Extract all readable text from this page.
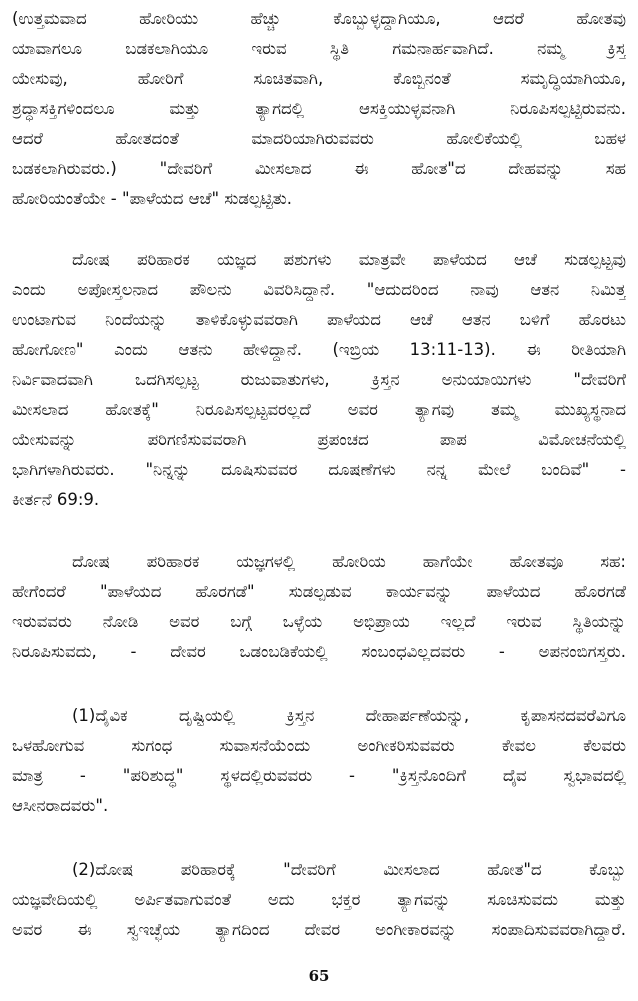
(ಉತ್ತಮವಾದ ಹೋರಿಯು ಹೆಚ್ಚು ಕೊಬ್ಬುಳ್ಳದ್ದಾಗಿಯೂ, ಆದರೆ ಹೋತವು
ಯಾವಾಗಲೂ ಬಡಕಲಾಗಿಯೂ ಇರುವ ಸ್ಥಿತಿ ಗಮನಾರ್ಹವಾಗಿದೆ. ನಮ್ಮ ಕ್ರಿಸ್ತ
ಯೇಸುವು, ಹೋರಿಗೆ ಸೂಚಿತವಾಗಿ, ಕೊಬ್ಬಿನಂತೆ ಸಮೃದ್ಧಿಯಾಗಿಯೂ,
ಶ್ರದ್ಧಾಸಕ್ತಿಗಳಿಂದಲೂ ಮತ್ತು ತ್ಯಾಗದಲ್ಲಿ ಆಸಕ್ತಿಯುಳ್ಳವನಾಗಿ ನಿರೂಪಿಸಲ್ಪಟ್ಟಿರುವನು.
ಆದರೆ ಹೋತದಂತೆ ಮಾದರಿಯಾಗಿರುವವರು ಹೋಲಿಕೆಯಲ್ಲಿ ಬಹಳ
ಬಡಕಲಾಗಿರುವರು.) "ದೇವರಿಗೆ ಮೀಸಲಾದ ಈ ಹೋತ"ದ ದೇಹವನ್ನು ಸಹ
ಹೋರಿಯಂತೆಯೇ - "ಪಾಳೆಯದ ಆಚೆ" ಸುಡಲ್ಪಟ್ಟಿತು.
ದೋಷ ಪರಿಹಾರಕ ಯಜ್ಞದ ಪಶುಗಳು ಮಾತ್ರವೇ ಪಾಳೆಯದ ಆಚೆ ಸುಡಲ್ಪಟ್ಟವು
ಎಂದು ಅಪೋಸ್ತಲನಾದ ಪೌಲನು ವಿವರಿಸಿದ್ದಾನೆ. "ಆದುದರಿಂದ ನಾವು ಆತನ ನಿಮಿತ್ತ
ಉಂಟಾಗುವ ನಿಂದೆಯನ್ನು ತಾಳಿಕೊಳ್ಳುವವರಾಗಿ ಪಾಳೆಯದ ಆಚೆ ಆತನ ಬಳಿಗೆ ಹೊರಟು
ಹೋಗೋಣ" ಎಂದು ಆತನು ಹೇಳಿದ್ದಾನೆ. (ಇಬ್ರಿಯ 13:11-13). ಈ ರೀತಿಯಾಗಿ
ನಿರ್ವಿವಾದವಾಗಿ ಒದಗಿಸಲ್ಪಟ್ಟ ರುಜುವಾತುಗಳು, ಕ್ರಿಸ್ತನ ಅನುಯಾಯಿಗಳು "ದೇವರಿಗೆ
ಮೀಸಲಾದ ಹೋತಕ್ಕೆ" ನಿರೂಪಿಸಲ್ಪಟ್ಟವರಲ್ಲದೆ ಅವರ ತ್ಯಾಗವು ತಮ್ಮ ಮುಖ್ಯಸ್ಥನಾದ
ಯೇಸುವನ್ನು ಪರಿಗಣಿಸುವವರಾಗಿ ಪ್ರಪಂಚದ ಪಾಪ ವಿಮೋಚನೆಯಲ್ಲಿ
ಭಾಗಿಗಳಾಗಿರುವರು. "ನಿನ್ನನ್ನು ದೂಷಿಸುವವರ ದೂಷಣೆಗಳು ನನ್ನ ಮೇಲೆ ಬಂದಿವೆ" -
ಕೀರ್ತನೆ 69:9.
ದೋಷ ಪರಿಹಾರಕ ಯಜ್ಞಗಳಲ್ಲಿ ಹೋರಿಯ ಹಾಗೆಯೇ ಹೋತವೂ ಸಹ:
ಹೇಗೆಂದರೆ "ಪಾಳೆಯದ ಹೊರಗಡೆ" ಸುಡಲ್ಪಡುವ ಕಾರ್ಯವನ್ನು ಪಾಳೆಯದ ಹೊರಗಡೆ
ಇರುವವರು ನೋಡಿ ಅವರ ಬಗ್ಗೆ ಒಳ್ಳೆಯ ಅಭಿಪ್ರಾಯ ಇಲ್ಲದೆ ಇರುವ ಸ್ಥಿತಿಯನ್ನು
ನಿರೂಪಿಸುವದು, - ದೇವರ ಒಡಂಬಡಿಕೆಯಲ್ಲಿ ಸಂಬಂಧವಿಲ್ಲದವರು - ಅಪನಂಬಿಗಸ್ತರು.
(1)ದೈವಿಕ ದೃಷ್ಟಿಯಲ್ಲಿ ಕ್ರಿಸ್ತನ ದೇಹಾರ್ಪಣೆಯನ್ನು, ಕೃಪಾಸನದವರೆವಿಗೂ
ಒಳಹೋಗುವ ಸುಗಂಧ ಸುವಾಸನೆಯೆಂದು ಅಂಗೀಕರಿಸುವವರು ಕೇವಲ ಕೆಲವರು
ಮಾತ್ರ - "ಪರಿಶುದ್ಧ" ಸ್ಥಳದಲ್ಲಿರುವವರು - "ಕ್ರಿಸ್ತನೊಂದಿಗೆ ದೈವ ಸ್ವಭಾವದಲ್ಲಿ
ಆಸೀನರಾದವರು".
(2)ದೋಷ ಪರಿಹಾರಕ್ಕೆ "ದೇವರಿಗೆ ಮೀಸಲಾದ ಹೋತ"ದ ಕೊಬ್ಬು
ಯಜ್ಞವೇದಿಯಲ್ಲಿ ಅರ್ಪಿತವಾಗುವಂತೆ ಅದು ಭಕ್ತರ ತ್ಯಾಗವನ್ನು ಸೂಚಿಸುವದು ಮತ್ತು
ಅವರ ಈ ಸ್ವಇಚ್ಛೆಯ ತ್ಯಾಗದಿಂದ ದೇವರ ಅಂಗೀಕಾರವನ್ನು ಸಂಪಾದಿಸುವವರಾಗಿದ್ದಾರೆ.
65
